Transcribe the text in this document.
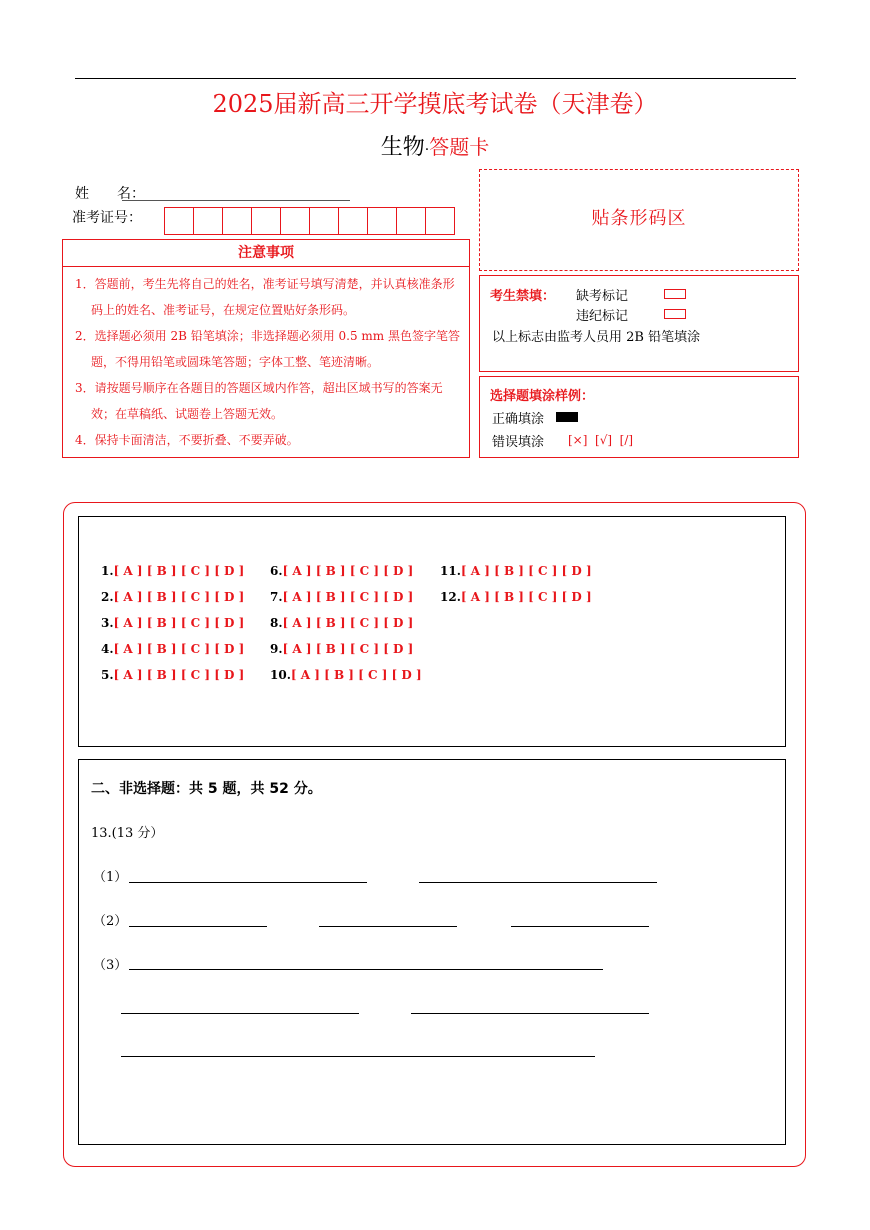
2025届新高三开学摸底考试卷（天津卷）
生物·答题卡
姓　　名：
准考证号：
注意事项
1．答题前，考生先将自己的姓名，准考证号填写清楚，并认真核准条形码上的姓名、准考证号，在规定位置贴好条形码。
2．选择题必须用 2B 铅笔填涂；非选择题必须用 0.5 mm 黑色签字笔答题，不得用铅笔或圆珠笔答题；字体工整、笔迹清晰。
3．请按题号顺序在各题目的答题区域内作答，超出区域书写的答案无效；在草稿纸、试题卷上答题无效。
4．保持卡面清洁，不要折叠、不要弄破。
贴条形码区
考生禁填： 缺考标记
违纪标记
以上标志由监考人员用 2B 铅笔填涂
选择题填涂样例：
正确填涂
错误填涂 [×]  [√]  [/]
1.[ A ] [ B ] [ C ] [ D ]
2.[ A ] [ B ] [ C ] [ D ]
3.[ A ] [ B ] [ C ] [ D ]
4.[ A ] [ B ] [ C ] [ D ]
5.[ A ] [ B ] [ C ] [ D ]
6.[ A ] [ B ] [ C ] [ D ]
7.[ A ] [ B ] [ C ] [ D ]
8.[ A ] [ B ] [ C ] [ D ]
9.[ A ] [ B ] [ C ] [ D ]
10.[ A ] [ B ] [ C ] [ D ]
11.[ A ] [ B ] [ C ] [ D ]
12.[ A ] [ B ] [ C ] [ D ]
二、非选择题：共 5 题，共 52 分。
13.(13 分）
（1）
（2）
（3）
